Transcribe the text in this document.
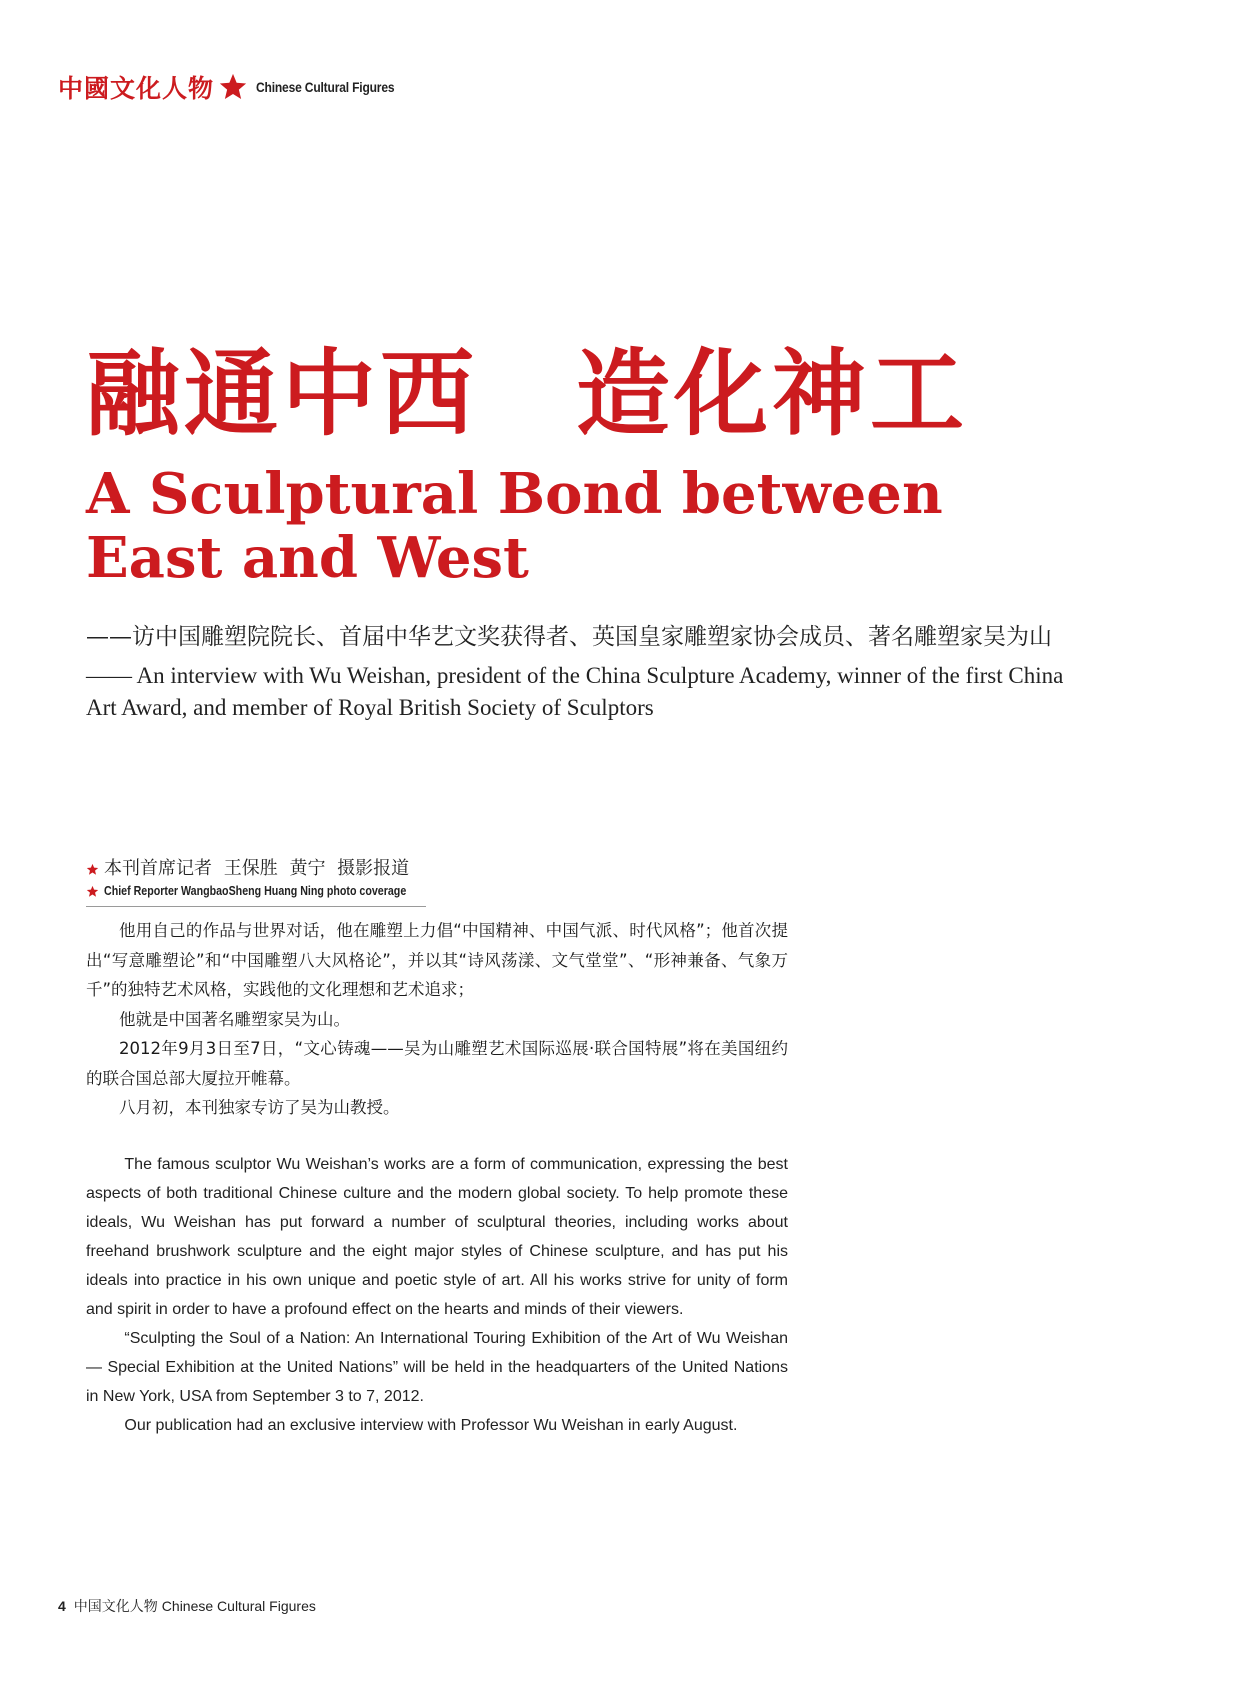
中國文化人物	Chinese Cultural Figures
融通中西　造化神工
A Sculptural Bond between East and West

——访中国雕塑院院长、首届中华艺文奖获得者、英国皇家雕塑家协会成员、著名雕塑家吴为山

—— An interview with Wu Weishan, president of the China Sculpture Academy, winner of the first China Art Award, and member of Royal British Society of Sculptors

本刊首席记者 王保胜 黄宁 摄影报道
Chief Reporter WangbaoSheng Huang Ning photo coverage

他用自己的作品与世界对话，他在雕塑上力倡“中国精神、中国气派、时代风格”；他首次提出“写意雕塑论”和“中国雕塑八大风格论”，并以其“诗风荡漾、文气堂堂”、“形神兼备、气象万千”的独特艺术风格，实践他的文化理想和艺术追求；

他就是中国著名雕塑家吴为山。

2012年9月3日至7日，“文心铸魂——吴为山雕塑艺术国际巡展·联合国特展”将在美国纽约的联合国总部大厦拉开帷幕。

八月初，本刊独家专访了吴为山教授。

The famous sculptor Wu Weishan’s works are a form of communication, expressing the best aspects of both traditional Chinese culture and the modern global society. To help promote these ideals, Wu Weishan has put forward a number of sculptural theories, including works about freehand brushwork sculpture and the eight major styles of Chinese sculpture, and has put his ideals into practice in his own unique and poetic style of art. All his works strive for unity of form and spirit in order to have a profound effect on the hearts and minds of their viewers.

“Sculpting the Soul of a Nation: An International Touring Exhibition of the Art of Wu Weishan — Special Exhibition at the United Nations” will be held in the headquarters of the United Nations in New York, USA from September 3 to 7, 2012.

Our publication had an exclusive interview with Professor Wu Weishan in early August.

4 中国文化人物 Chinese Cultural Figures
